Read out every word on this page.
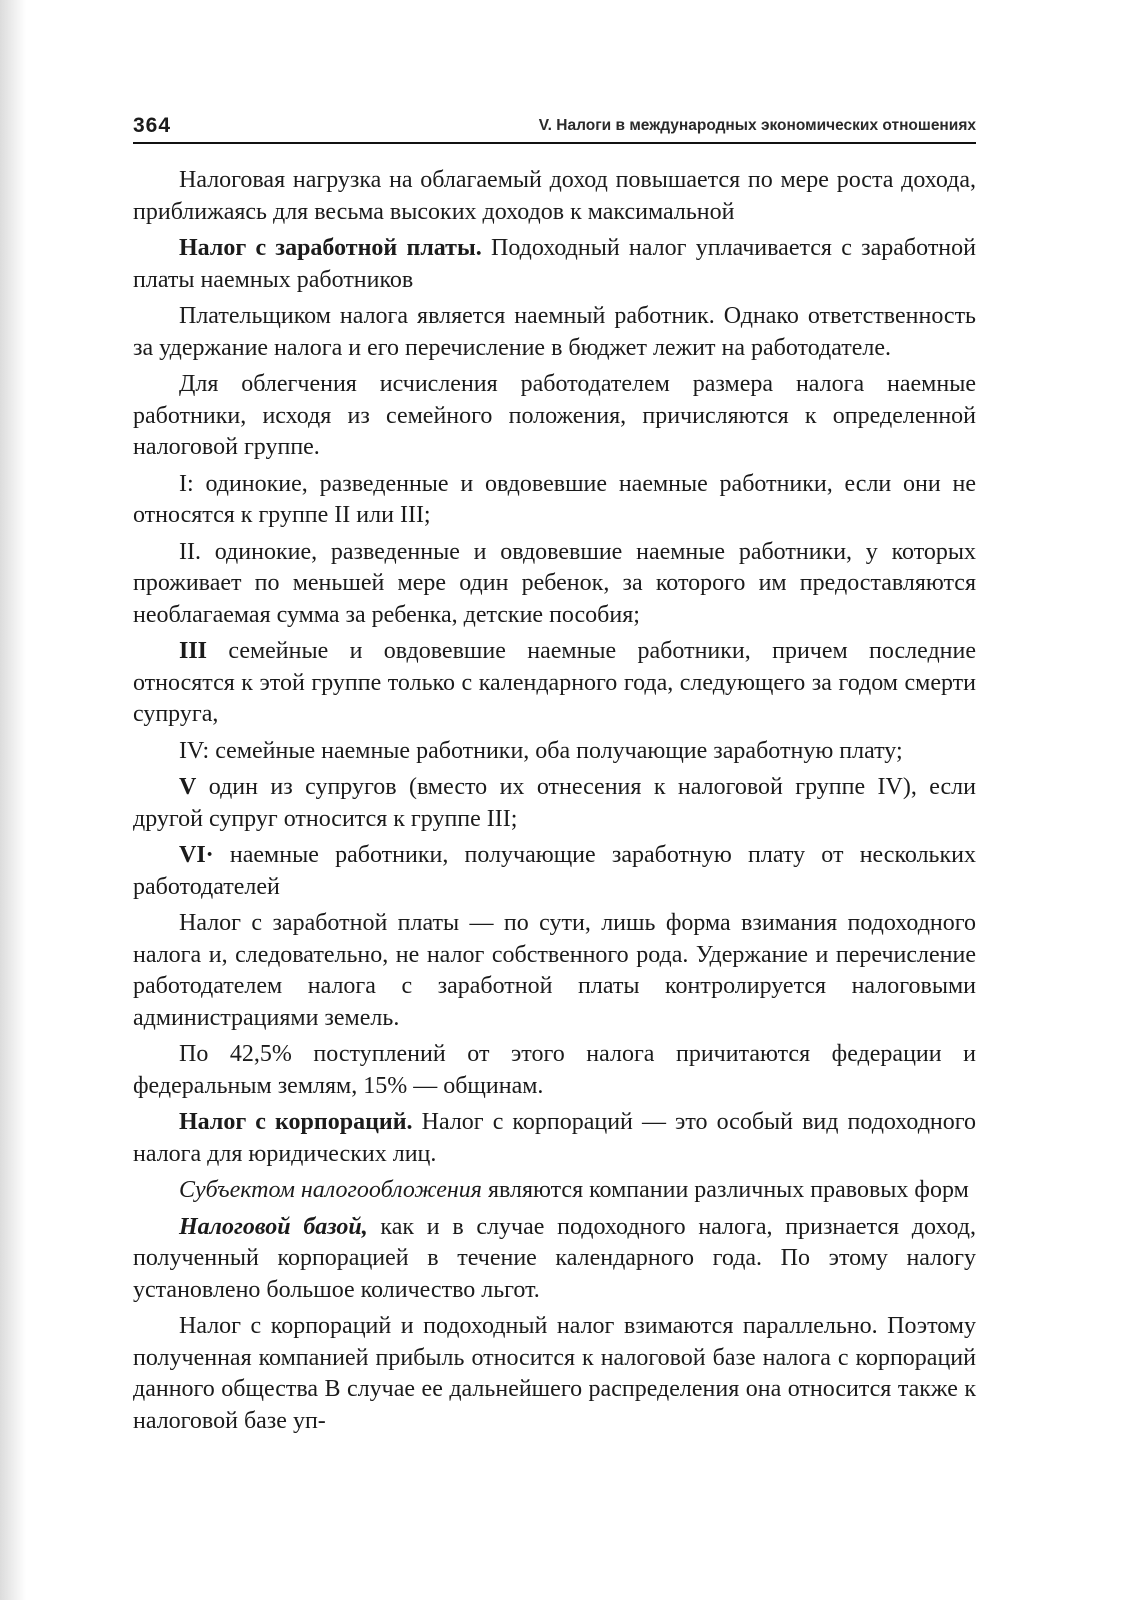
364	V. Налоги в международных экономических отношениях

Налоговая нагрузка на облагаемый доход повышается по мере роста дохода, приближаясь для весьма высоких доходов к максимальной

Налог с заработной платы. Подоходный налог уплачивается с заработной платы наемных работников

Плательщиком налога является наемный работник. Однако ответственность за удержание налога и его перечисление в бюджет лежит на работодателе.

Для облегчения исчисления работодателем размера налога наемные работники, исходя из семейного положения, причисляются к определенной налоговой группе.

I: одинокие, разведенные и овдовевшие наемные работники, если они не относятся к группе II или III;

II. одинокие, разведенные и овдовевшие наемные работники, у которых проживает по меньшей мере один ребенок, за которого им предоставляются необлагаемая сумма за ребенка, детские пособия;

III семейные и овдовевшие наемные работники, причем последние относятся к этой группе только с календарного года, следующего за годом смерти супруга,

IV: семейные наемные работники, оба получающие заработную плату;

V один из супругов (вместо их отнесения к налоговой группе IV), если другой супруг относится к группе III;

VI· наемные работники, получающие заработную плату от нескольких работодателей

Налог с заработной платы — по сути, лишь форма взимания подоходного налога и, следовательно, не налог собственного рода. Удержание и перечисление работодателем налога с заработной платы контролируется налоговыми администрациями земель.

По 42,5% поступлений от этого налога причитаются федерации и федеральным землям, 15% — общинам.

Налог с корпораций. Налог с корпораций — это особый вид подоходного налога для юридических лиц.

Субъектом налогообложения являются компании различных правовых форм

Налоговой базой, как и в случае подоходного налога, признается доход, полученный корпорацией в течение календарного года. По этому налогу установлено большое количество льгот.

Налог с корпораций и подоходный налог взимаются параллельно. Поэтому полученная компанией прибыль относится к налоговой базе налога с корпораций данного общества В случае ее дальнейшего распределения она относится также к налоговой базе уп-
